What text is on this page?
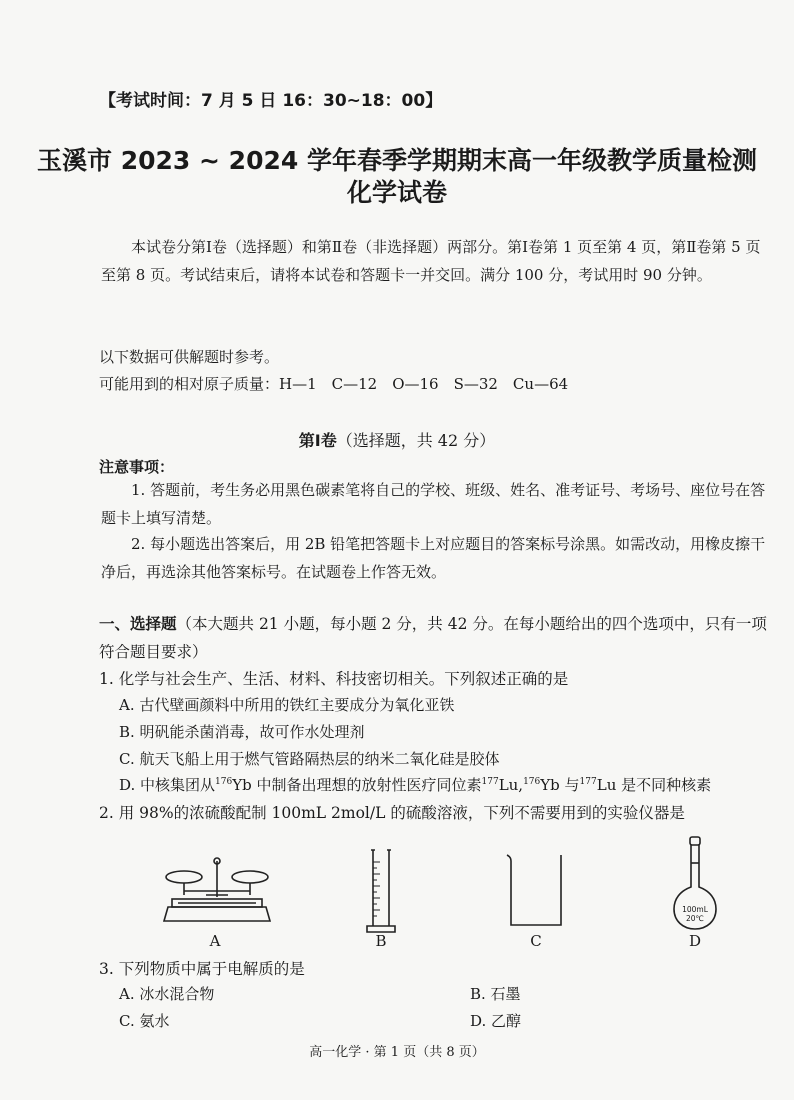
【考试时间：7 月 5 日 16：30~18：00】
玉溪市 2023 ~ 2024 学年春季学期期末高一年级教学质量检测
化学试卷
本试卷分第Ⅰ卷（选择题）和第Ⅱ卷（非选择题）两部分。第Ⅰ卷第 1 页至第 4 页，第Ⅱ卷第 5 页至第 8 页。考试结束后，请将本试卷和答题卡一并交回。满分 100 分，考试用时 90 分钟。
以下数据可供解题时参考。
可能用到的相对原子质量：H—1　C—12　O—16　S—32　Cu—64
第Ⅰ卷（选择题，共 42 分）
注意事项：
1. 答题前，考生务必用黑色碳素笔将自己的学校、班级、姓名、准考证号、考场号、座位号在答题卡上填写清楚。
2. 每小题选出答案后，用 2B 铅笔把答题卡上对应题目的答案标号涂黑。如需改动，用橡皮擦干净后，再选涂其他答案标号。在试题卷上作答无效。
一、选择题（本大题共 21 小题，每小题 2 分，共 42 分。在每小题给出的四个选项中，只有一项符合题目要求）
1. 化学与社会生产、生活、材料、科技密切相关。下列叙述正确的是
A. 古代壁画颜料中所用的铁红主要成分为氧化亚铁
B. 明矾能杀菌消毒，故可作水处理剂
C. 航天飞船上用于燃气管路隔热层的纳米二氧化硅是胶体
D. 中核集团从$^{176}$Yb 中制备出理想的放射性医疗同位素$^{177}$Lu,$^{176}$Yb 与$^{177}$Lu 是不同种核素
2. 用 98%的浓硫酸配制 100mL 2mol/L 的硫酸溶液，下列不需要用到的实验仪器是
A	B	C
100mL
20℃
D
3. 下列物质中属于电解质的是
A. 冰水混合物	B. 石墨
C. 氨水	D. 乙醇
高一化学 · 第 1 页（共 8 页）
